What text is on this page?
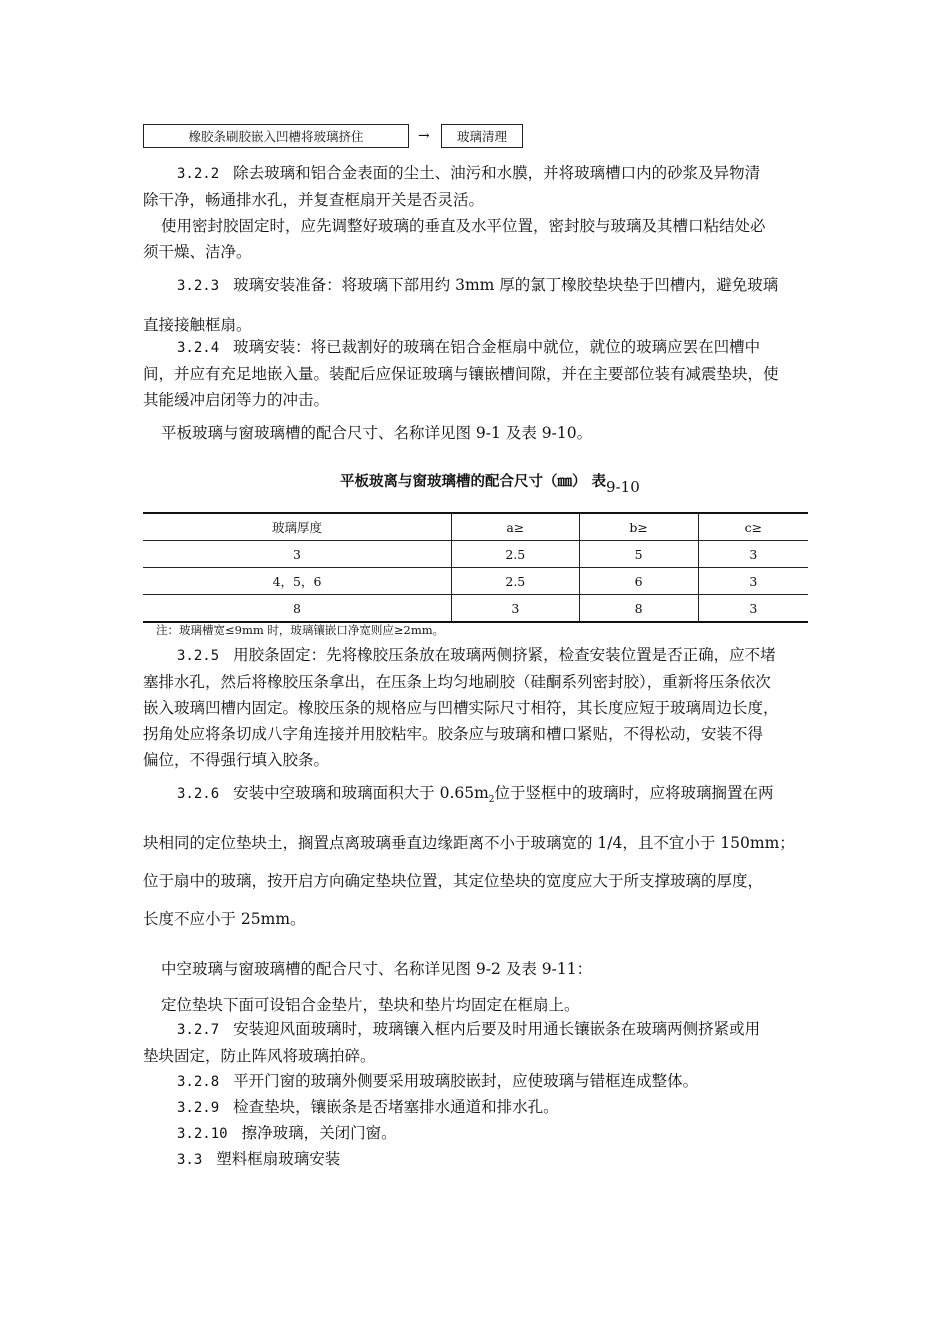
橡胶条刷胶嵌入凹槽将玻璃挤住	→	玻璃清理
3.2.2 除去玻璃和铝合金表面的尘土、油污和水膜，并将玻璃槽口内的砂浆及异物清
除干净，畅通排水孔，并复查框扇开关是否灵活。
使用密封胶固定时，应先调整好玻璃的垂直及水平位置，密封胶与玻璃及其槽口粘结处必
须干燥、洁净。
3.2.3 玻璃安装准备：将玻璃下部用约 3mm 厚的氯丁橡胶垫块垫于凹槽内，避免玻璃
直接接触框扇。
3.2.4 玻璃安装：将已裁割好的玻璃在铝合金框扇中就位，就位的玻璃应罢在凹槽中
间，并应有充足地嵌入量。装配后应保证玻璃与镶嵌槽间隙，并在主要部位装有减震垫块，使
其能缓冲启闭等力的冲击。
平板玻璃与窗玻璃槽的配合尺寸、名称详见图 9-1 及表 9-10。
平板玻离与窗玻璃槽的配合尺寸（㎜） 表9-10
玻璃厚度	a≥	b≥	c≥
3	2.5	5	3
4，5，6	2.5	6	3
8	3	8	3
注：玻璃槽宽≤9mm 时，玻璃镶嵌口净宽则应≥2mm。
3.2.5 用胶条固定：先将橡胶压条放在玻璃两侧挤紧，检查安装位置是否正确，应不堵
塞排水孔，然后将橡胶压条拿出，在压条上均匀地刷胶（硅酮系列密封胶），重新将压条依次
嵌入玻璃凹槽内固定。橡胶压条的规格应与凹槽实际尺寸相符，其长度应短于玻璃周边长度，
拐角处应将条切成八字角连接并用胶粘牢。胶条应与玻璃和槽口紧贴，不得松动，安装不得
偏位，不得强行填入胶条。
3.2.6 安装中空玻璃和玻璃面积大于 $0.65m_2$位于竖框中的玻璃时，应将玻璃搁置在两
块相同的定位垫块土，搁置点离玻璃垂直边缘距离不小于玻璃宽的 1/4，且不宜小于 150mm；
位于扇中的玻璃，按开启方向确定垫块位置，其定位垫块的宽度应大于所支撑玻璃的厚度，
长度不应小于 25mm。
中空玻璃与窗玻璃槽的配合尺寸、名称详见图 9-2 及表 9-11：
定位垫块下面可设铝合金垫片，垫块和垫片均固定在框扇上。
3.2.7 安装迎风面玻璃时，玻璃镶入框内后要及时用通长镶嵌条在玻璃两侧挤紧或用
垫块固定，防止阵风将玻璃拍碎。
3.2.8 平开门窗的玻璃外侧要采用玻璃胶嵌封，应使玻璃与错框连成整体。
3.2.9 检查垫块，镶嵌条是否堵塞排水通道和排水孔。
3.2.10 擦净玻璃，关闭门窗。
3.3 塑料框扇玻璃安装
